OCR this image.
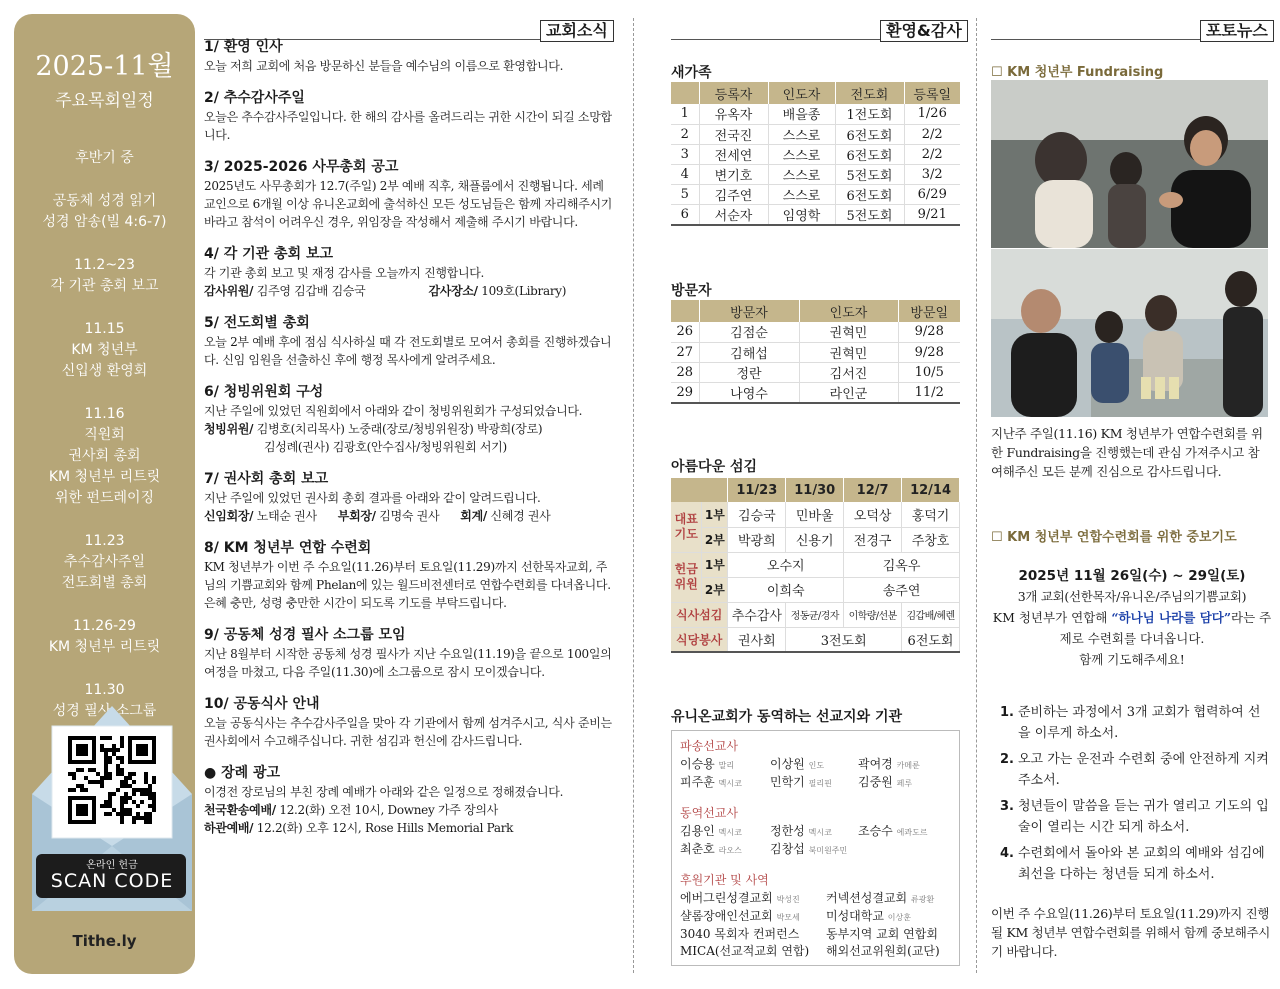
2025-11월
주요목회일정
후반기 중
공동체 성경 읽기
성경 암송(빌 4:6-7)
11.2~23
각 기관 총회 보고
11.15
KM 청년부
신입생 환영회
11.16
직원회
권사회 총회
KM 청년부 리트릿
위한 펀드레이징
11.23
추수감사주일
전도회별 총회
11.26-29
KM 청년부 리트릿
11.30
성경 필사 소그룹
온라인 헌금
SCAN CODE
Tithe.ly
교회소식	환영&감사	포토뉴스
1/ 환영 인사

오늘 저희 교회에 처음 방문하신 분들을 예수님의 이름으로 환영합니다.

2/ 추수감사주일

오늘은 추수감사주일입니다. 한 해의 감사를 올려드리는 귀한 시간이 되길 소망합니다.

3/ 2025-2026 사무총회 공고

2025년도 사무총회가 12.7(주일) 2부 예배 직후, 채플룸에서 진행됩니다. 세례교인으로 6개월 이상 유니온교회에 출석하신 모든 성도님들은 함께 자리해주시기 바라고 참석이 어려우신 경우, 위임장을 작성해서 제출해 주시기 바랍니다.

4/ 각 기관 총회 보고

각 기관 총회 보고 및 재정 감사를 오늘까지 진행합니다.

감사위원/ 김주영 김갑배 김승국	감사장소/ 109호(Library)

5/ 전도회별 총회

오늘 2부 예배 후에 점심 식사하실 때 각 전도회별로 모여서 총회를 진행하겠습니다. 신임 임원을 선출하신 후에 행정 목사에게 알려주세요.

6/ 청빙위원회 구성

지난 주일에 있었던 직원회에서 아래와 같이 청빙위원회가 구성되었습니다.

청빙위원/ 김병호(치리목사) 노중래(장로/청빙위원장) 박광희(장로)

김성례(권사) 김광호(안수집사/청빙위원회 서기)

7/ 권사회 총회 보고

지난 주일에 있었던 권사회 총회 결과를 아래와 같이 알려드립니다.

신임회장/ 노태순 권사 부회장/ 김명숙 권사 회계/ 신혜경 권사

8/ KM 청년부 연합 수련회

KM 청년부가 이번 주 수요일(11.26)부터 토요일(11.29)까지 선한목자교회, 주님의 기쁨교회와 함께 Phelan에 있는 월드비전센터로 연합수련회를 다녀옵니다. 은혜 충만, 성령 충만한 시간이 되도록 기도를 부탁드립니다.

9/ 공동체 성경 필사 소그룹 모임

지난 8월부터 시작한 공동체 성경 필사가 지난 수요일(11.19)을 끝으로 100일의 여정을 마쳤고, 다음 주일(11.30)에 소그룹으로 잠시 모이겠습니다.

10/ 공동식사 안내

오늘 공동식사는 추수감사주일을 맞아 각 기관에서 함께 섬겨주시고, 식사 준비는 권사회에서 수고해주십니다. 귀한 섬김과 헌신에 감사드립니다.

● 장례 광고

이경전 장로님의 부친 장례 예배가 아래와 같은 일정으로 정해졌습니다.

천국환송예배/ 12.2(화) 오전 10시, Downey 가주 장의사

하관예배/ 12.2(화) 오후 12시, Rose Hills Memorial Park

새가족
	등록자	인도자	전도회	등록일
1	유옥자	배을종	1전도회	1/26
2	전국진	스스로	6전도회	2/2
3	전세연	스스로	6전도회	2/2
4	변기호	스스로	5전도회	3/2
5	김주연	스스로	6전도회	6/29
6	서순자	임영학	5전도회	9/21
방문자
	방문자	인도자	방문일
26	김점순	권혁민	9/28
27	김해섭	권혁민	9/28
28	정란	김서진	10/5
29	나영수	라인군	11/2
아름다운 섬김
		11/23	11/30	12/7	12/14
대표
기도	1부	김승국	민바울	오덕상	홍덕기
	2부	박광희	신용기	전경구	주창호
헌금
위원	1부	오수지		김옥우	
	2부	이희숙		송주연	
식사섬김		추수감사	정동균/경자	이학량/선분	김갑배/혜렌
식당봉사		권사회	3전도회		6전도회
유니온교회가 동역하는 선교지와 기관
파송선교사
이승용 말리	이상원 인도	곽여경 카메룬
피주훈 멕시코	민학기 필리핀	김중원 페루
동역선교사
김용인 멕시코	정한성 멕시코	조승수 에콰도르
최춘호 라오스	김창섭 북미원주민
후원기관 및 사역
에버그린성결교회 박성진	커넥션성결교회 류광환
샬롬장애인선교회 박모세	미성대학교 이상훈
3040 목회자 컨퍼런스	동부지역 교회 연합회
MICA(선교적교회 연합)	해외선교위원회(교단)
☐ KM 청년부 Fundraising
지난주 주일(11.16) KM 청년부가 연합수련회를 위한 Fundraising을 진행했는데 관심 가져주시고 참여해주신 모든 분께 진심으로 감사드립니다.
☐ KM 청년부 연합수련회를 위한 중보기도
2025년 11월 26일(수) ~ 29일(토)
3개 교회(선한목자/유니온/주님의기쁨교회)
KM 청년부가 연합해 “하나님 나라를 담다”라는 주제로 수련회를 다녀옵니다.
함께 기도해주세요!
1. 준비하는 과정에서 3개 교회가 협력하여 선을 이루게 하소서.
2. 오고 가는 운전과 수련회 중에 안전하게 지켜주소서.
3. 청년들이 말씀을 듣는 귀가 열리고 기도의 입술이 열리는 시간 되게 하소서.
4. 수련회에서 돌아와 본 교회의 예배와 섬김에 최선을 다하는 청년들 되게 하소서.
이번 주 수요일(11.26)부터 토요일(11.29)까지 진행될 KM 청년부 연합수련회를 위해서 함께 중보해주시기 바랍니다.
